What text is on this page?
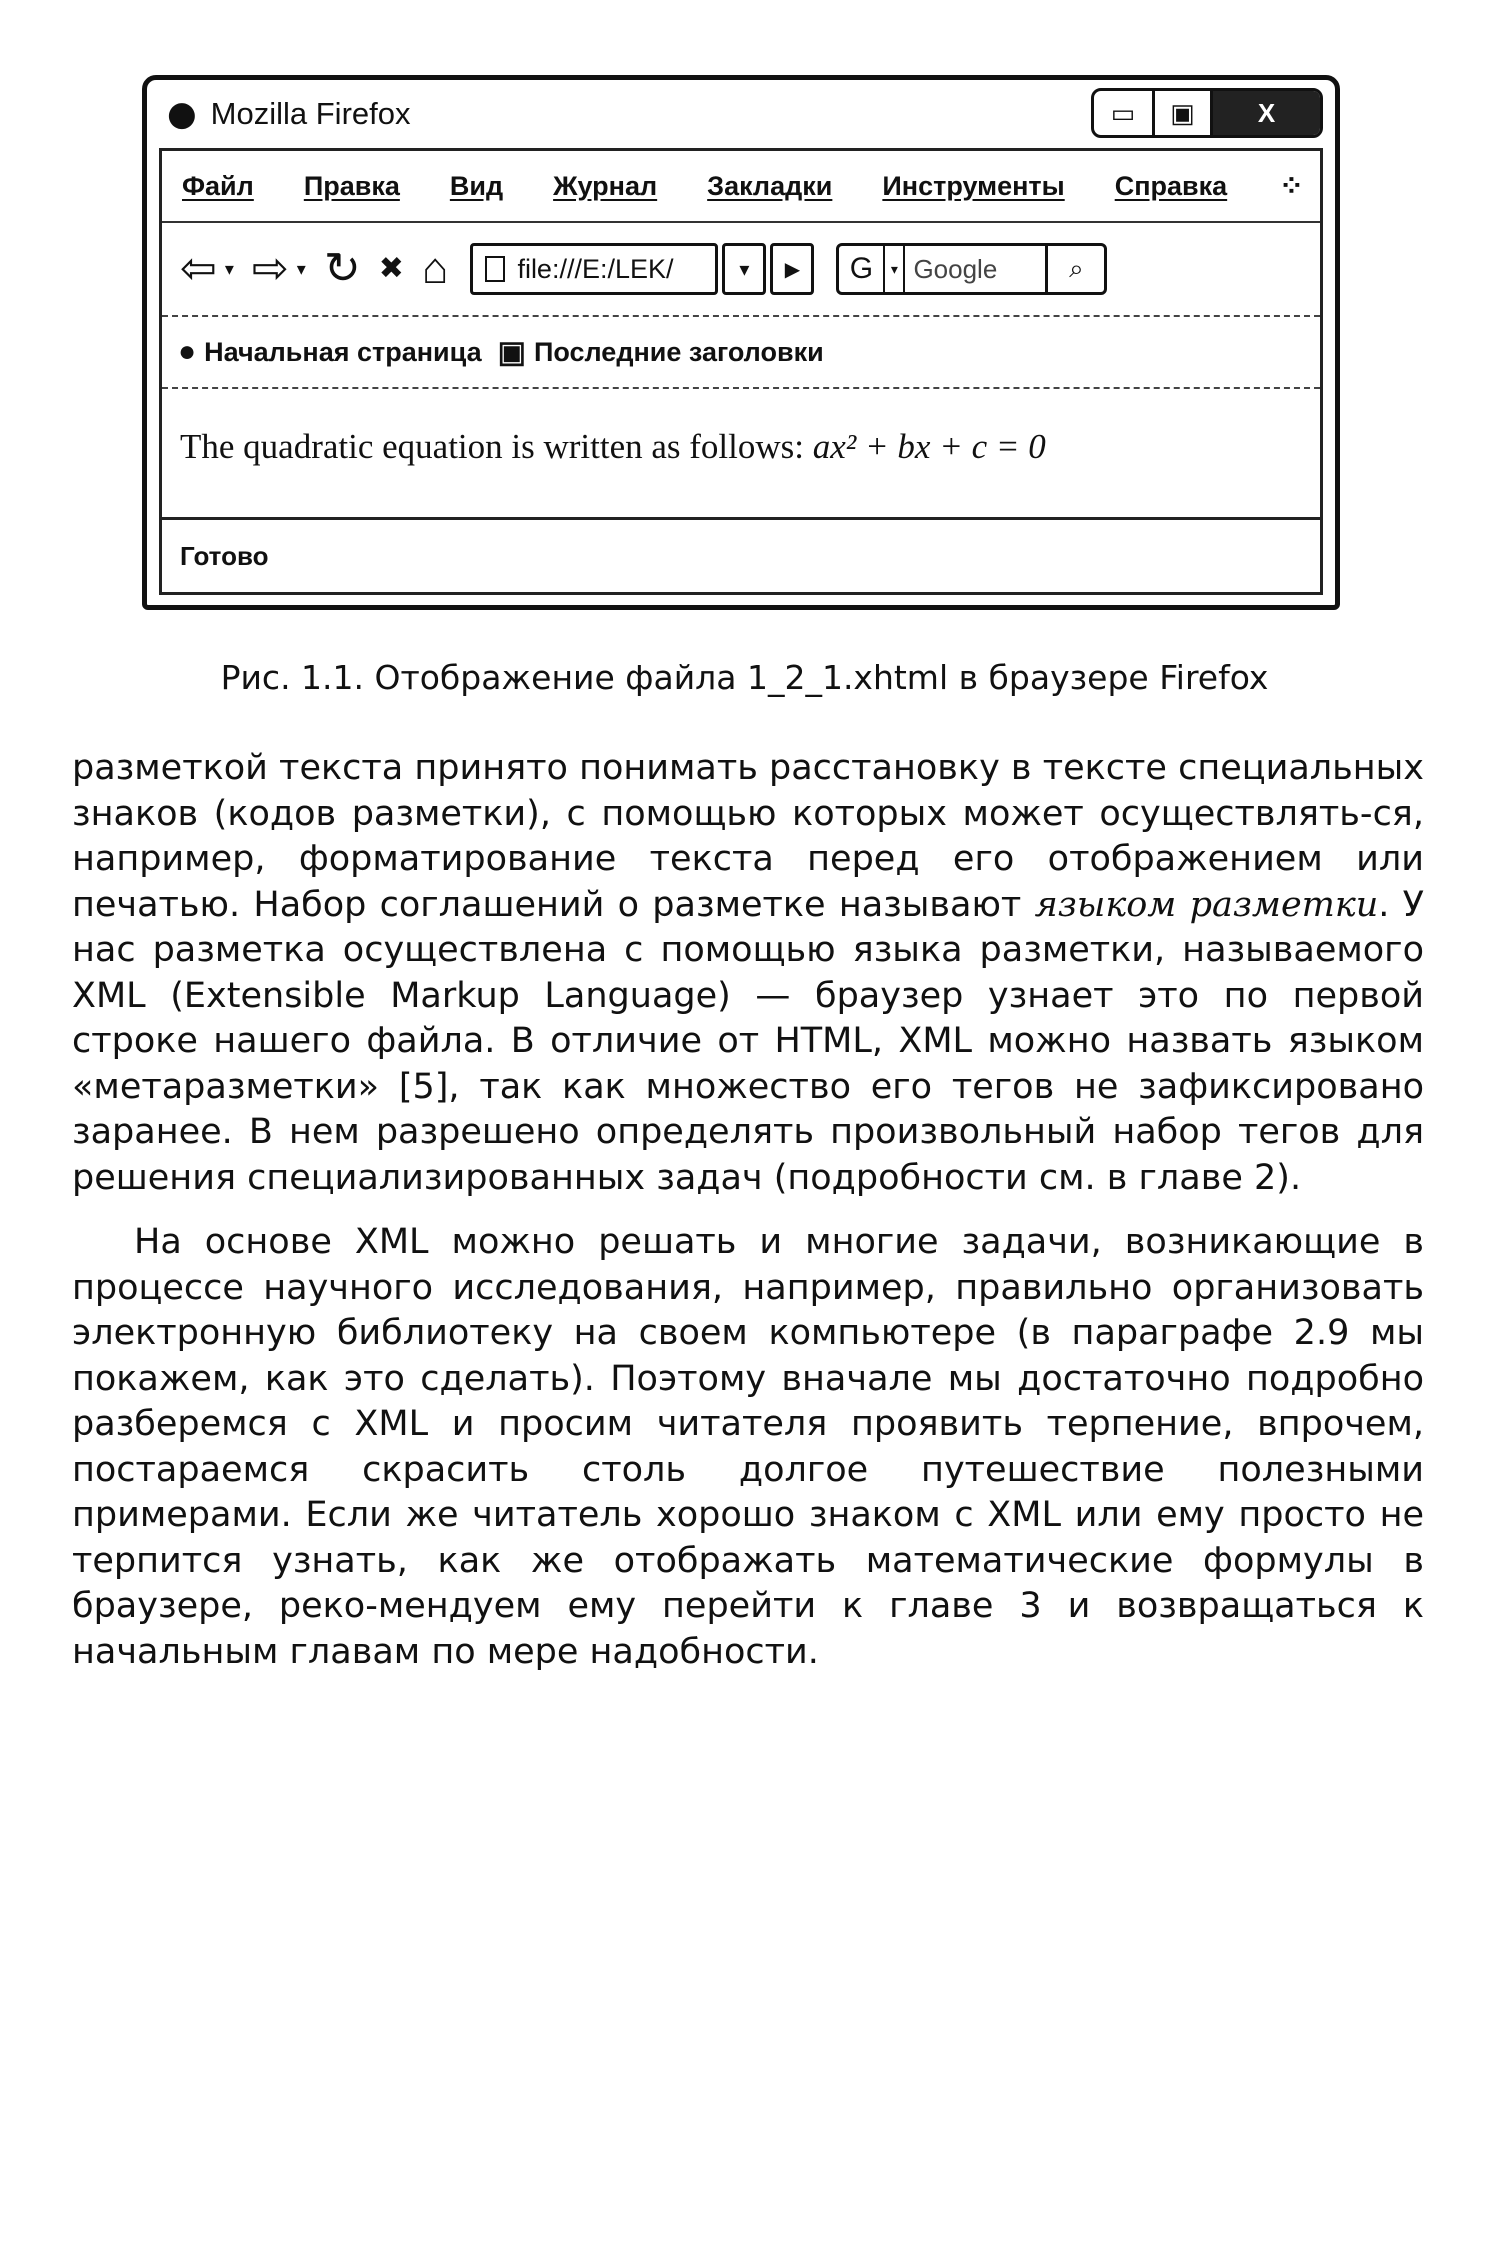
● Mozilla Firefox	▭	▣	X
Файл Правка Вид Журнал Закладки Инструменты Справка ⁘
⇦ ▾ ⇨ ▾ ↻ ✖ ⌂	file:///E:/LEK/	▾	▶	G	▾ Google	⌕
● Начальная страница ▣ Последние заголовки
The quadratic equation is written as follows: ax² + bx + c = 0
Готово
Рис. 1.1. Отображение файла 1_2_1.xhtml в браузере Firefox

разметкой текста принято понимать расстановку в тексте специальных знаков (кодов разметки), с помощью которых может осуществлять-ся, например, форматирование текста перед его отображением или печатью. Набор соглашений о разметке называют языком разметки. У нас разметка осуществлена с помощью языка разметки, называемого XML (Extensible Markup Language) — браузер узнает это по первой строке нашего файла. В отличие от HTML, XML можно назвать языком «метаразметки» [5], так как множество его тегов не зафиксировано заранее. В нем разрешено определять произвольный набор тегов для решения специализированных задач (подробности см. в главе 2).

На основе XML можно решать и многие задачи, возникающие в процессе научного исследования, например, правильно организовать электронную библиотеку на своем компьютере (в параграфе 2.9 мы покажем, как это сделать). Поэтому вначале мы достаточно подробно разберемся с XML и просим читателя проявить терпение, впрочем, постараемся скрасить столь долгое путешествие полезными примерами. Если же читатель хорошо знаком с XML или ему просто не терпится узнать, как же отображать математические формулы в браузере, реко-мендуем ему перейти к главе 3 и возвращаться к начальным главам по мере надобности.
